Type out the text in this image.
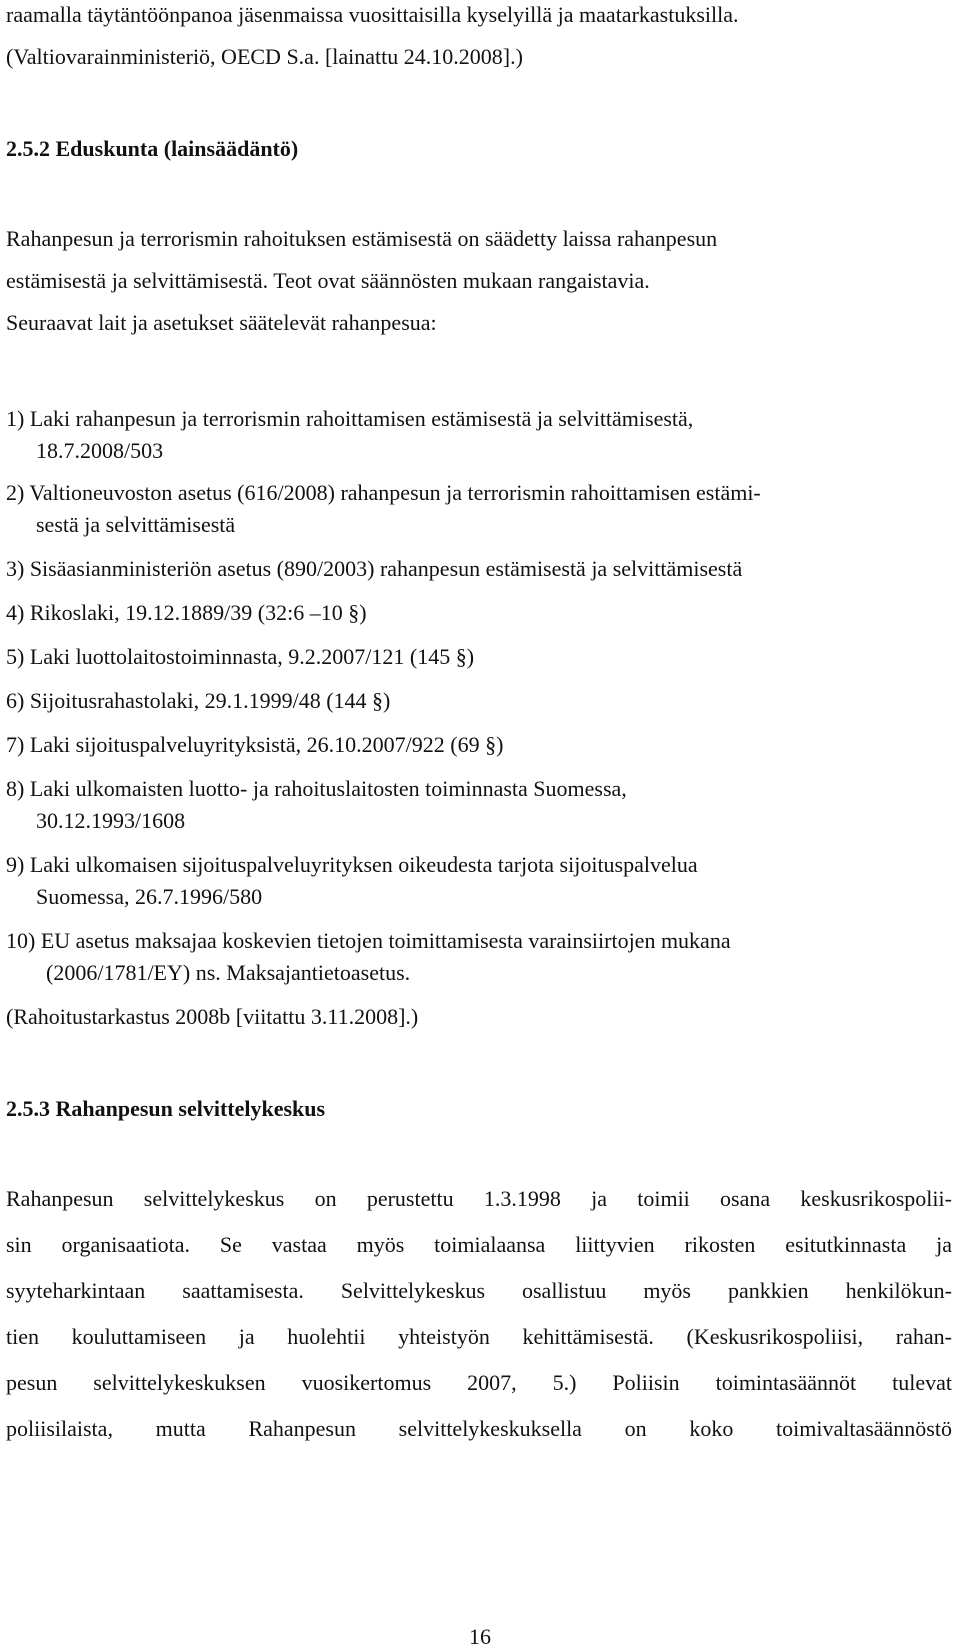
raamalla täytäntöönpanoa jäsenmaissa vuosittaisilla kyselyillä ja maatarkastuksilla.
(Valtiovarainministeriö, OECD S.a. [lainattu 24.10.2008].)
2.5.2 Eduskunta (lainsäädäntö)
Rahanpesun ja terrorismin rahoituksen estämisestä on säädetty laissa rahanpesun
estämisestä ja selvittämisestä. Teot ovat säännösten mukaan rangaistavia.
Seuraavat lait ja asetukset säätelevät rahanpesua:
1) Laki rahanpesun ja terrorismin rahoittamisen estämisestä ja selvittämisestä,
18.7.2008/503
2) Valtioneuvoston asetus (616/2008) rahanpesun ja terrorismin rahoittamisen estämi-
sestä ja selvittämisestä
3) Sisäasianministeriön asetus (890/2003) rahanpesun estämisestä ja selvittämisestä
4) Rikoslaki, 19.12.1889/39 (32:6 –10 §)
5) Laki luottolaitostoiminnasta, 9.2.2007/121 (145 §)
6) Sijoitusrahastolaki, 29.1.1999/48 (144 §)
7) Laki sijoituspalveluyrityksistä, 26.10.2007/922 (69 §)
8) Laki ulkomaisten luotto- ja rahoituslaitosten toiminnasta Suomessa,
30.12.1993/1608
9) Laki ulkomaisen sijoituspalveluyrityksen oikeudesta tarjota sijoituspalvelua
Suomessa, 26.7.1996/580
10) EU asetus maksajaa koskevien tietojen toimittamisesta varainsiirtojen mukana
(2006/1781/EY) ns. Maksajantietoasetus.
(Rahoitustarkastus 2008b [viitattu 3.11.2008].)
2.5.3 Rahanpesun selvittelykeskus
Rahanpesun selvittelykeskus on perustettu 1.3.1998 ja toimii osana keskusrikospolii-
sin organisaatiota. Se vastaa myös toimialaansa liittyvien rikosten esitutkinnasta ja
syyteharkintaan saattamisesta. Selvittelykeskus osallistuu myös pankkien henkilökun-
tien kouluttamiseen ja huolehtii yhteistyön kehittämisestä. (Keskusrikospoliisi, rahan-
pesun selvittelykeskuksen vuosikertomus 2007, 5.) Poliisin toimintasäännöt tulevat
poliisilaista, mutta Rahanpesun selvittelykeskuksella on koko toimivaltasäännöstö
16
